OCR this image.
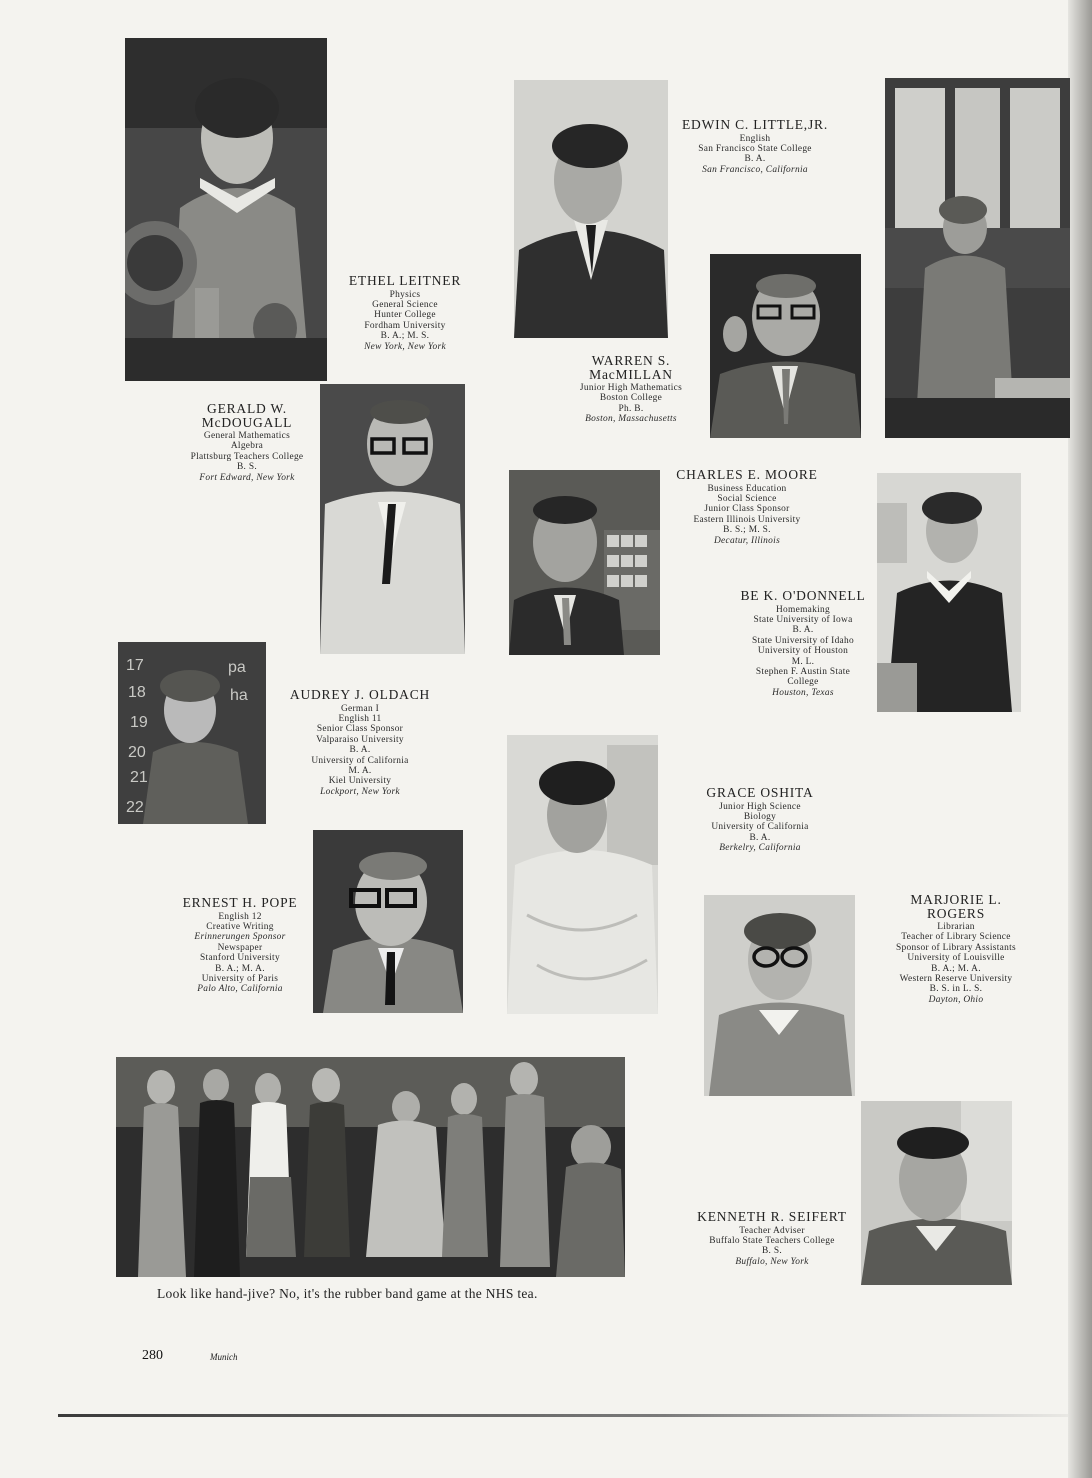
17
18
19
20
21
22
pa
ha
ETHEL LEITNER
Physics
General Science
Hunter College
Fordham University
B. A.; M. S.
New York, New York
EDWIN C. LITTLE,JR.
English
San Francisco State College
B. A.
San Francisco, California
WARREN S.
MacMILLAN
Junior High Mathematics
Boston College
Ph. B.
Boston, Massachusetts
GERALD W.
McDOUGALL
General Mathematics
Algebra
Plattsburg Teachers College
B. S.
Fort Edward, New York	CHARLES E. MOORE
Business Education
Social Science
Junior Class Sponsor
Eastern Illinois University
B. S.; M. S.
Decatur, Illinois
BE K. O'DONNELL
Homemaking
State University of Iowa
B. A.
State University of Idaho
University of Houston
M. L.
Stephen F. Austin State
College
Houston, Texas
AUDREY J. OLDACH
German I
English 11
Senior Class Sponsor
Valparaiso University
B. A.
University of California
M. A.
Kiel University
Lockport, New York	GRACE OSHITA
Junior High Science
Biology
University of California
B. A.
Berkelry, California
ERNEST H. POPE
English 12
Creative Writing
Erinnerungen Sponsor
Newspaper
Stanford University
B. A.; M. A.
University of Paris
Palo Alto, California
MARJORIE L.
ROGERS
Librarian
Teacher of Library Science
Sponsor of Library Assistants
University of Louisville
B. A.; M. A.
Western Reserve University
B. S. in L. S.
Dayton, Ohio
KENNETH R. SEIFERT
Teacher Adviser
Buffalo State Teachers College
B. S.
Buffalo, New York
Look like hand-jive? No, it's the rubber band game at the NHS tea.
280	Munich
